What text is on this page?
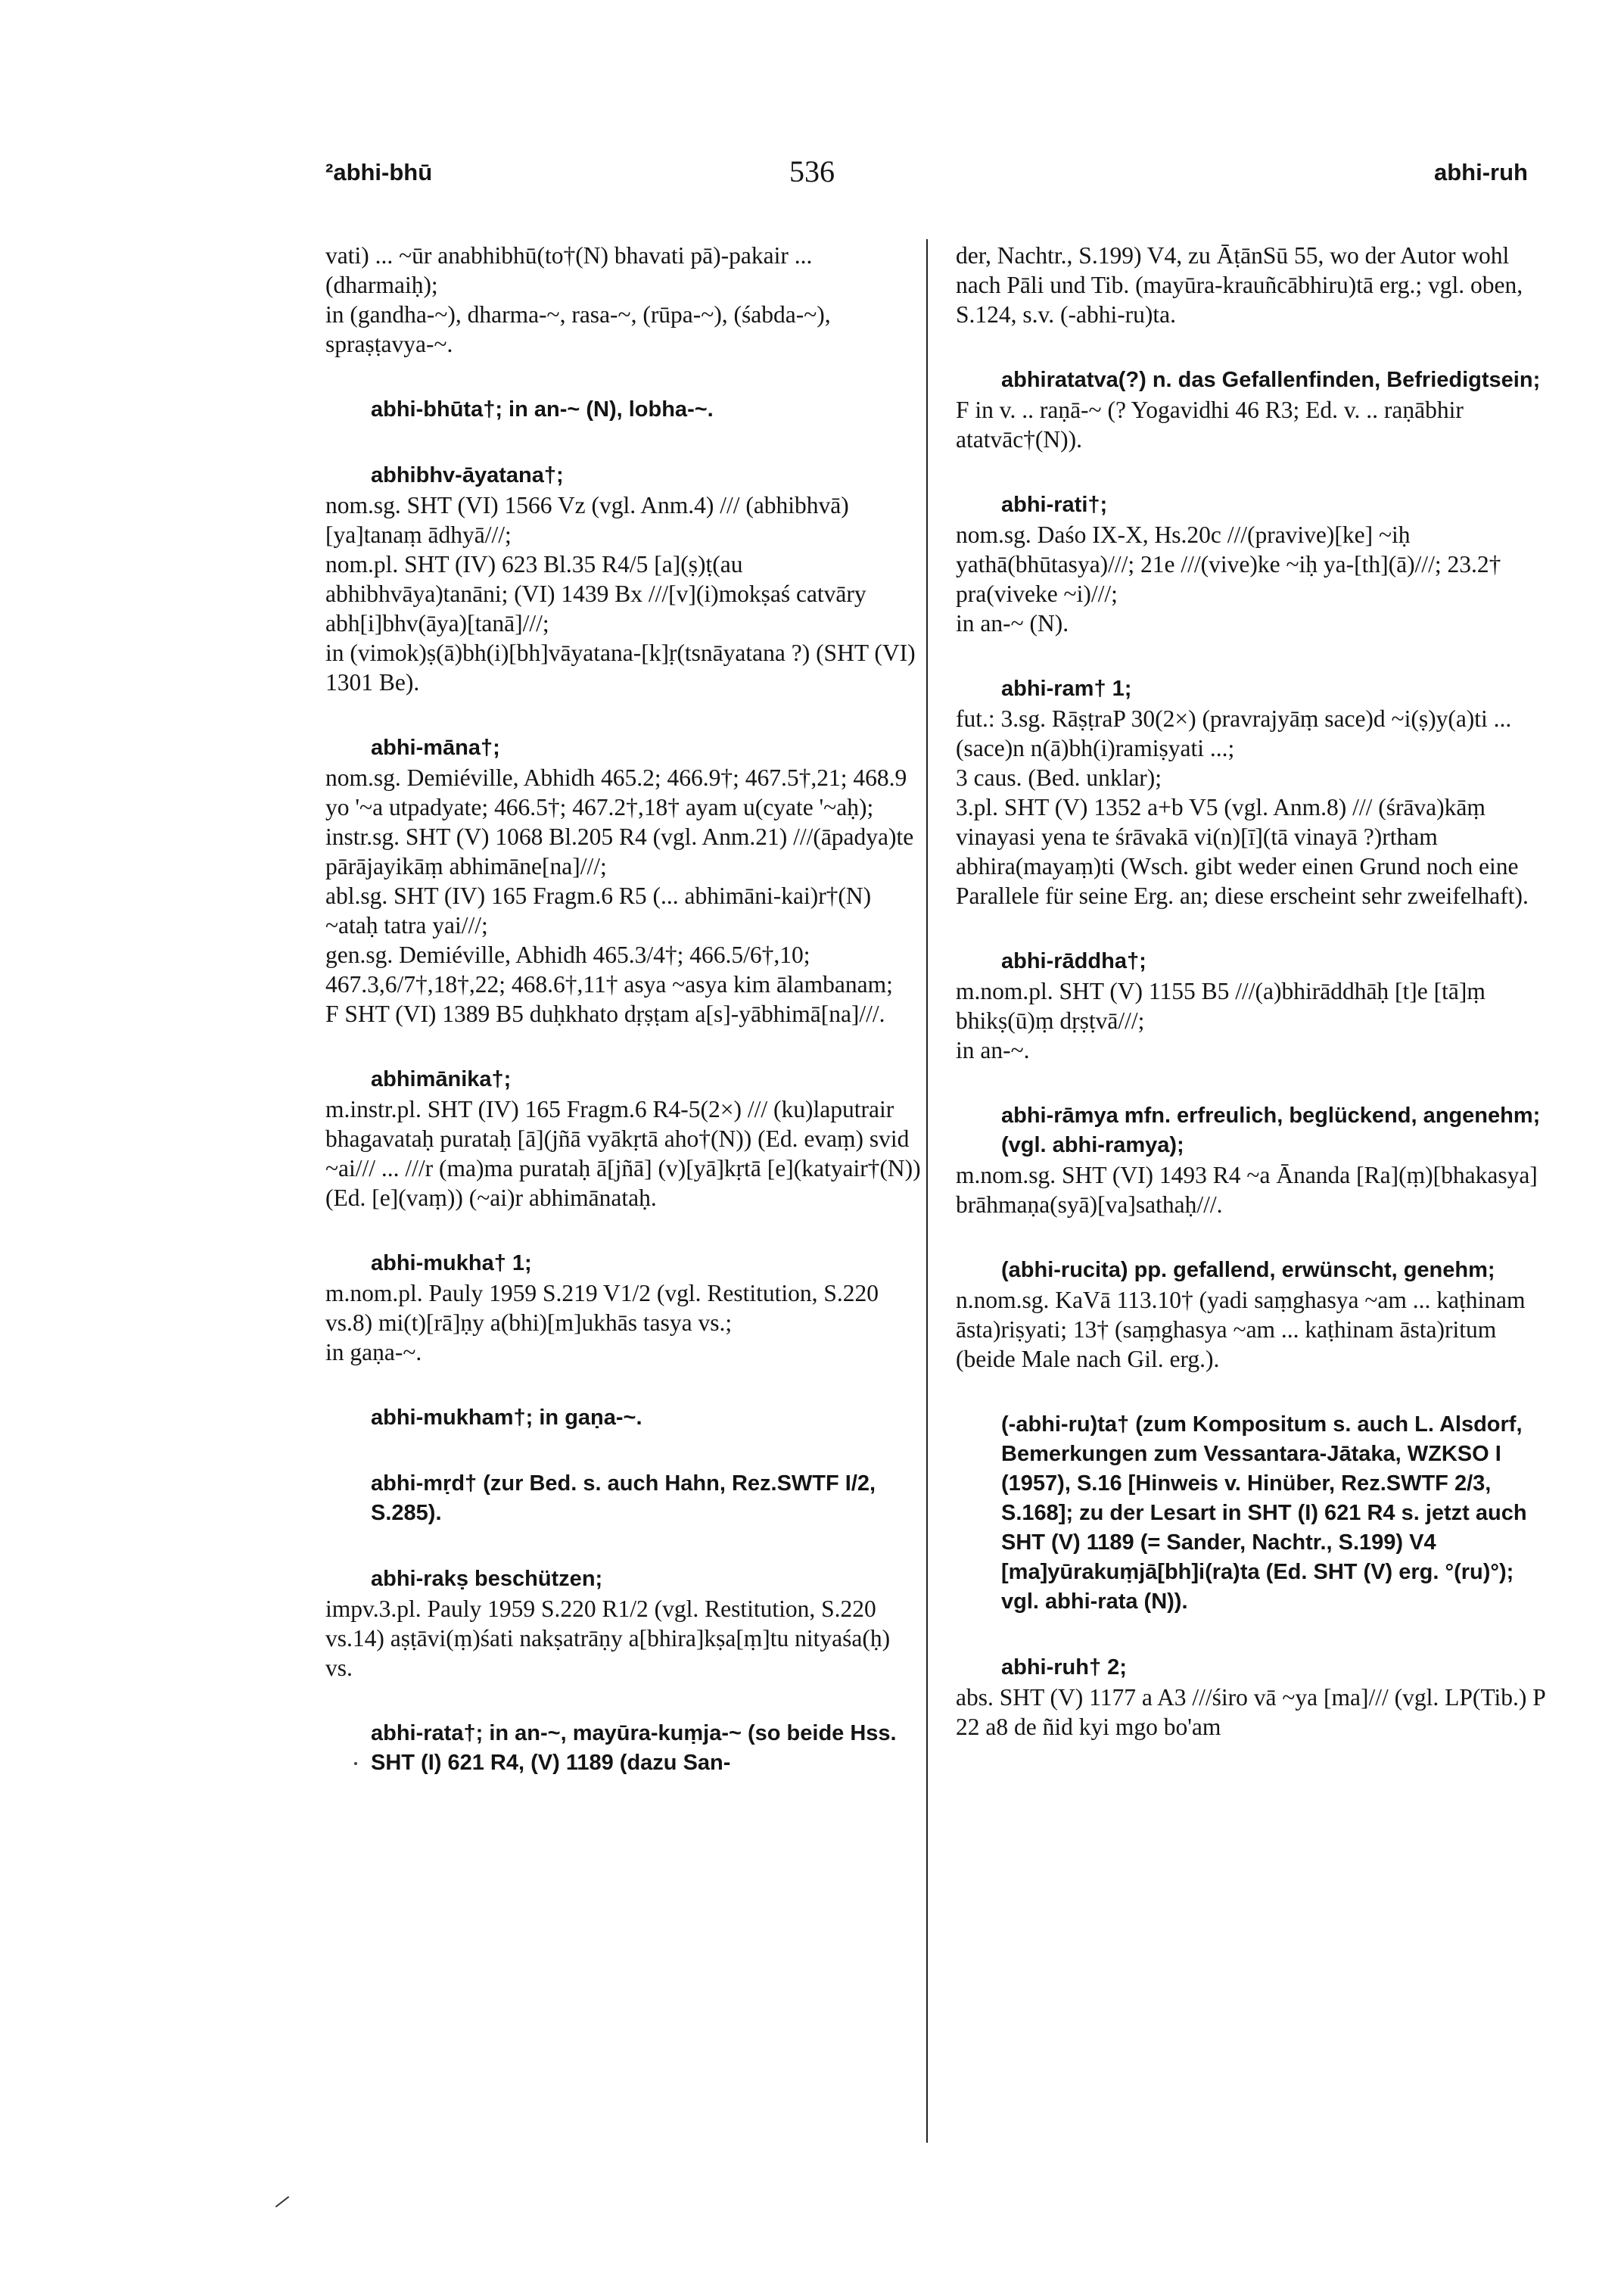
²abhi-bhū	536	abhi-ruh
vati) ... ~ūr anabhibhū(to†(N) bhavati pā)-pakair ... (dharmaiḥ);
in (gandha-~), dharma-~, rasa-~, (rūpa-~), (śabda-~), spraṣṭavya-~.
abhi-bhūta†; in an-~ (N), lobha-~.
abhibhv-āyatana†;
nom.sg. SHT (VI) 1566 Vz (vgl. Anm.4) /// (abhibhvā)[ya]tanaṃ ādhyā///;
nom.pl. SHT (IV) 623 Bl.35 R4/5 [a](ṣ)ṭ(au abhibhvāya)tanāni; (VI) 1439 Bx ///[v](i)mokṣaś catvāry abh[i]bhv(āya)[tanā]///;
in (vimok)ṣ(ā)bh(i)[bh]vāyatana-[k]ṛ(tsnāyatana ?) (SHT (VI) 1301 Be).
abhi-māna†;
nom.sg. Demiéville, Abhidh 465.2; 466.9†; 467.5†,21; 468.9 yo '~a utpadyate; 466.5†; 467.2†,18† ayam u(cyate '~aḥ);
instr.sg. SHT (V) 1068 Bl.205 R4 (vgl. Anm.21) ///(āpadya)te pārājayikāṃ abhimāne[na]///;
abl.sg. SHT (IV) 165 Fragm.6 R5 (... abhimāni-kai)r†(N) ~ataḥ tatra yai///;
gen.sg. Demiéville, Abhidh 465.3/4†; 466.5/6†,10; 467.3,6/7†,18†,22; 468.6†,11† asya ~asya kim ālambanam;
F SHT (VI) 1389 B5 duḥkhato dṛṣṭam a[s]-yābhimā[na]///.
abhimānika†;
m.instr.pl. SHT (IV) 165 Fragm.6 R4-5(2×) /// (ku)laputrair bhagavataḥ purataḥ [ā](jñā vyākṛtā aho†(N)) (Ed. evaṃ) svid ~ai/// ... ///r (ma)ma purataḥ ā[jñā] (v)[yā]kṛtā [e](katyair†(N)) (Ed. [e](vaṃ)) (~ai)r abhimānataḥ.
abhi-mukha† 1;
m.nom.pl. Pauly 1959 S.219 V1/2 (vgl. Restitution, S.220 vs.8) mi(t)[rā]ṇy a(bhi)[m]ukhās tasya vs.;
in gaṇa-~.
abhi-mukham†; in gaṇa-~.
abhi-mṛd† (zur Bed. s. auch Hahn, Rez.SWTF I/2, S.285).
abhi-rakṣ beschützen;
impv.3.pl. Pauly 1959 S.220 R1/2 (vgl. Restitution, S.220 vs.14) aṣṭāvi(ṃ)śati nakṣatrāṇy a[bhira]kṣa[ṃ]tu nityaśa(ḥ) vs.
abhi-rata†; in an-~, mayūra-kuṃja-~ (so beide Hss. SHT (I) 621 R4, (V) 1189 (dazu San-
der, Nachtr., S.199) V4, zu ĀṭānSū 55, wo der Autor wohl nach Pāli und Tib. (mayūra-krauñcābhiru)tā erg.; vgl. oben, S.124, s.v. (-abhi-ru)ta.
abhiratatva(?) n. das Gefallenfinden, Befriedigtsein;
F in v. .. raṇā-~ (? Yogavidhi 46 R3; Ed. v. .. raṇābhir atatvāc†(N)).
abhi-rati†;
nom.sg. Daśo IX-X, Hs.20c ///(pravive)[ke] ~iḥ yathā(bhūtasya)///; 21e ///(vive)ke ~iḥ ya-[th](ā)///; 23.2† pra(viveke ~i)///;
in an-~ (N).
abhi-ram† 1;
fut.: 3.sg. RāṣṭraP 30(2×) (pravrajyāṃ sace)d ~i(ṣ)y(a)ti ... (sace)n n(ā)bh(i)ramiṣyati ...;
3 caus. (Bed. unklar);
3.pl. SHT (V) 1352 a+b V5 (vgl. Anm.8) /// (śrāva)kāṃ vinayasi yena te śrāvakā vi(n)[ī](tā vinayā ?)rtham abhira(mayaṃ)ti (Wsch. gibt weder einen Grund noch eine Parallele für seine Erg. an; diese erscheint sehr zweifelhaft).
abhi-rāddha†;
m.nom.pl. SHT (V) 1155 B5 ///(a)bhirāddhāḥ [t]e [tā]ṃ bhikṣ(ū)ṃ dṛṣṭvā///;
in an-~.
abhi-rāmya mfn. erfreulich, beglückend, angenehm; (vgl. abhi-ramya);
m.nom.sg. SHT (VI) 1493 R4 ~a Ānanda [Ra](ṃ)[bhakasya] brāhmaṇa(syā)[va]sathaḥ///.
(abhi-rucita) pp. gefallend, erwünscht, genehm;
n.nom.sg. KaVā 113.10† (yadi saṃghasya ~am ... kaṭhinam āsta)riṣyati; 13† (saṃghasya ~am ... kaṭhinam āsta)ritum (beide Male nach Gil. erg.).
(-abhi-ru)ta† (zum Kompositum s. auch L. Alsdorf, Bemerkungen zum Vessantara-Jātaka, WZKSO I (1957), S.16 [Hinweis v. Hinüber, Rez.SWTF 2/3, S.168]; zu der Lesart in SHT (I) 621 R4 s. jetzt auch SHT (V) 1189 (= Sander, Nachtr., S.199) V4 [ma]yūrakuṃjā[bh]i(ra)ta (Ed. SHT (V) erg. °(ru)°); vgl. abhi-rata (N)).
abhi-ruh† 2;
abs. SHT (V) 1177 a A3 ///śiro vā ~ya [ma]/// (vgl. LP(Tib.) P 22 a8 de ñid kyi mgo bo'am
